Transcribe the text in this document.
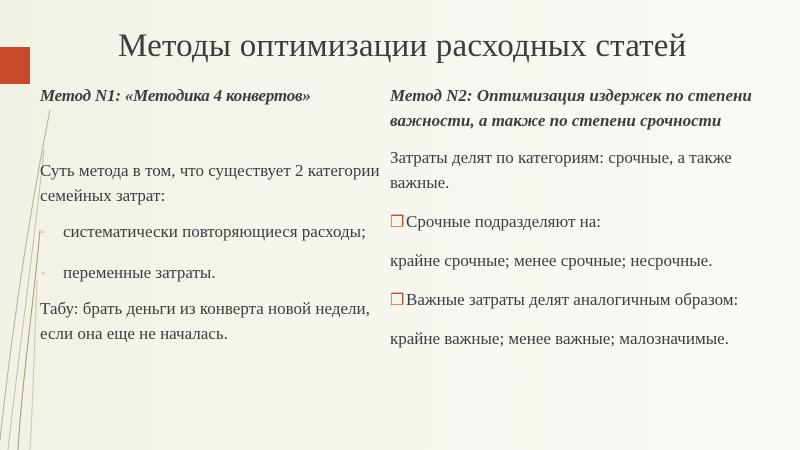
Методы оптимизации расходных статей
Метод N1: «Методика 4 конвертов»
Суть метода в том, что существует 2 категории семейных затрат:
- систематически повторяющиеся расходы;
- переменные затраты.
Табу: брать деньги из конверта новой недели, если она еще не началась.
Метод N2: Оптимизация издержек по степени важности, а также по степени срочности
Затраты делят по категориям: срочные, а также важные.
❒ Срочные подразделяют на:
крайне срочные; менее срочные; несрочные.
❒ Важные затраты делят аналогичным образом:
крайне важные; менее важные; малозначимые.
